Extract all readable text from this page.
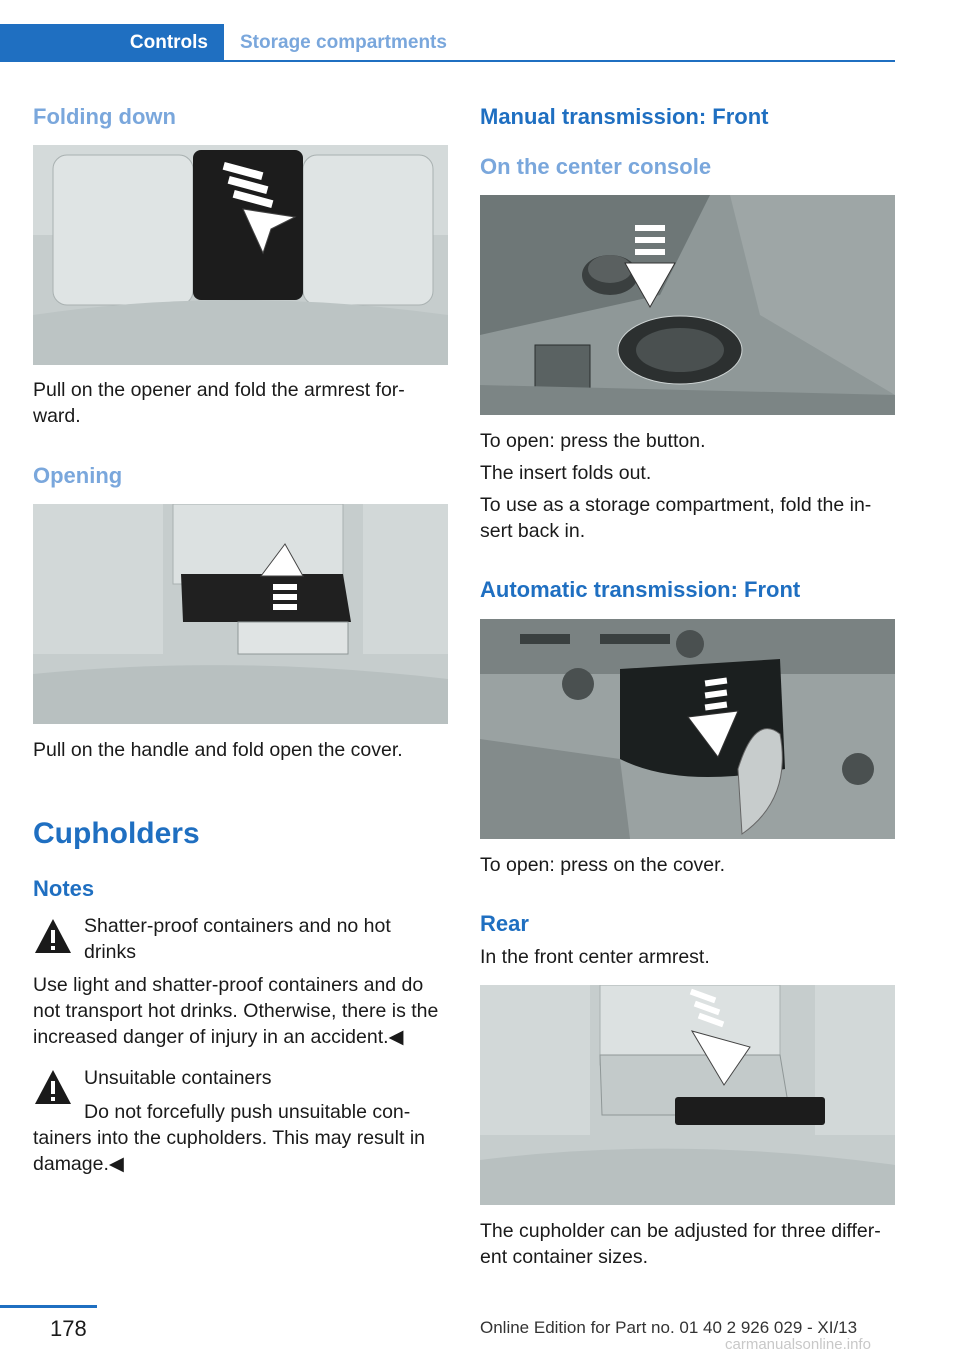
Controls Storage compartments
Folding down

Pull on the opener and fold the armrest for-ward.

Opening

Pull on the handle and fold open the cover.

Cupholders
Notes

Shatter-proof containers and no hot drinks

Use light and shatter-proof containers and do not transport hot drinks. Otherwise, there is the increased danger of injury in an accident.◀

Unsuitable containers

Do not forcefully push unsuitable con-

tainers into the cupholders. This may result in damage.◀

Manual transmission: Front
On the center console

To open: press the button.

The insert folds out.

To use as a storage compartment, fold the in-sert back in.

Automatic transmission: Front

To open: press on the cover.

Rear

In the front center armrest.

The cupholder can be adjusted for three differ-ent container sizes.

178	Online Edition for Part no. 01 40 2 926 029 - XI/13
carmanualsonline.info
